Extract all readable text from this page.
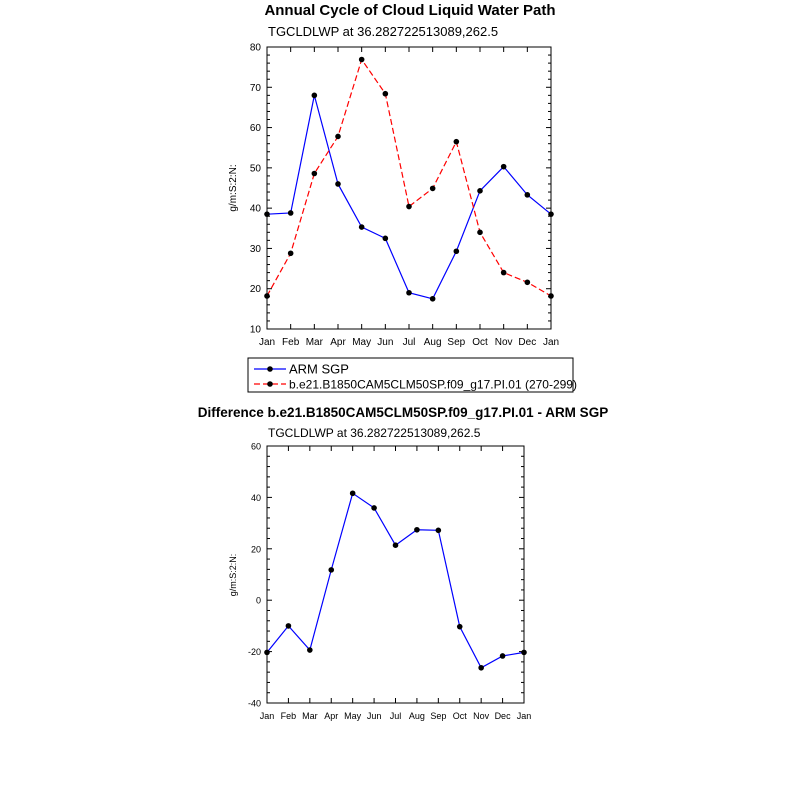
Annual Cycle of Cloud Liquid Water Path
TGCLDLWP at 36.282722513089,262.5
g/m:S:2:N:
Jan Feb Mar Apr May Jun Jul Aug Sep Oct Nov Dec Jan
10
20
30
40
50
60
70
80
ARM SGP
b.e21.B1850CAM5CLM50SP.f09_g17.PI.01 (270-299)
Difference b.e21.B1850CAM5CLM50SP.f09_g17.PI.01 - ARM SGP
TGCLDLWP at 36.282722513089,262.5
g/m:S:2:N:
Jan Feb Mar Apr May Jun Jul Aug Sep Oct Nov Dec Jan
-40
-20
0
20
40
60
